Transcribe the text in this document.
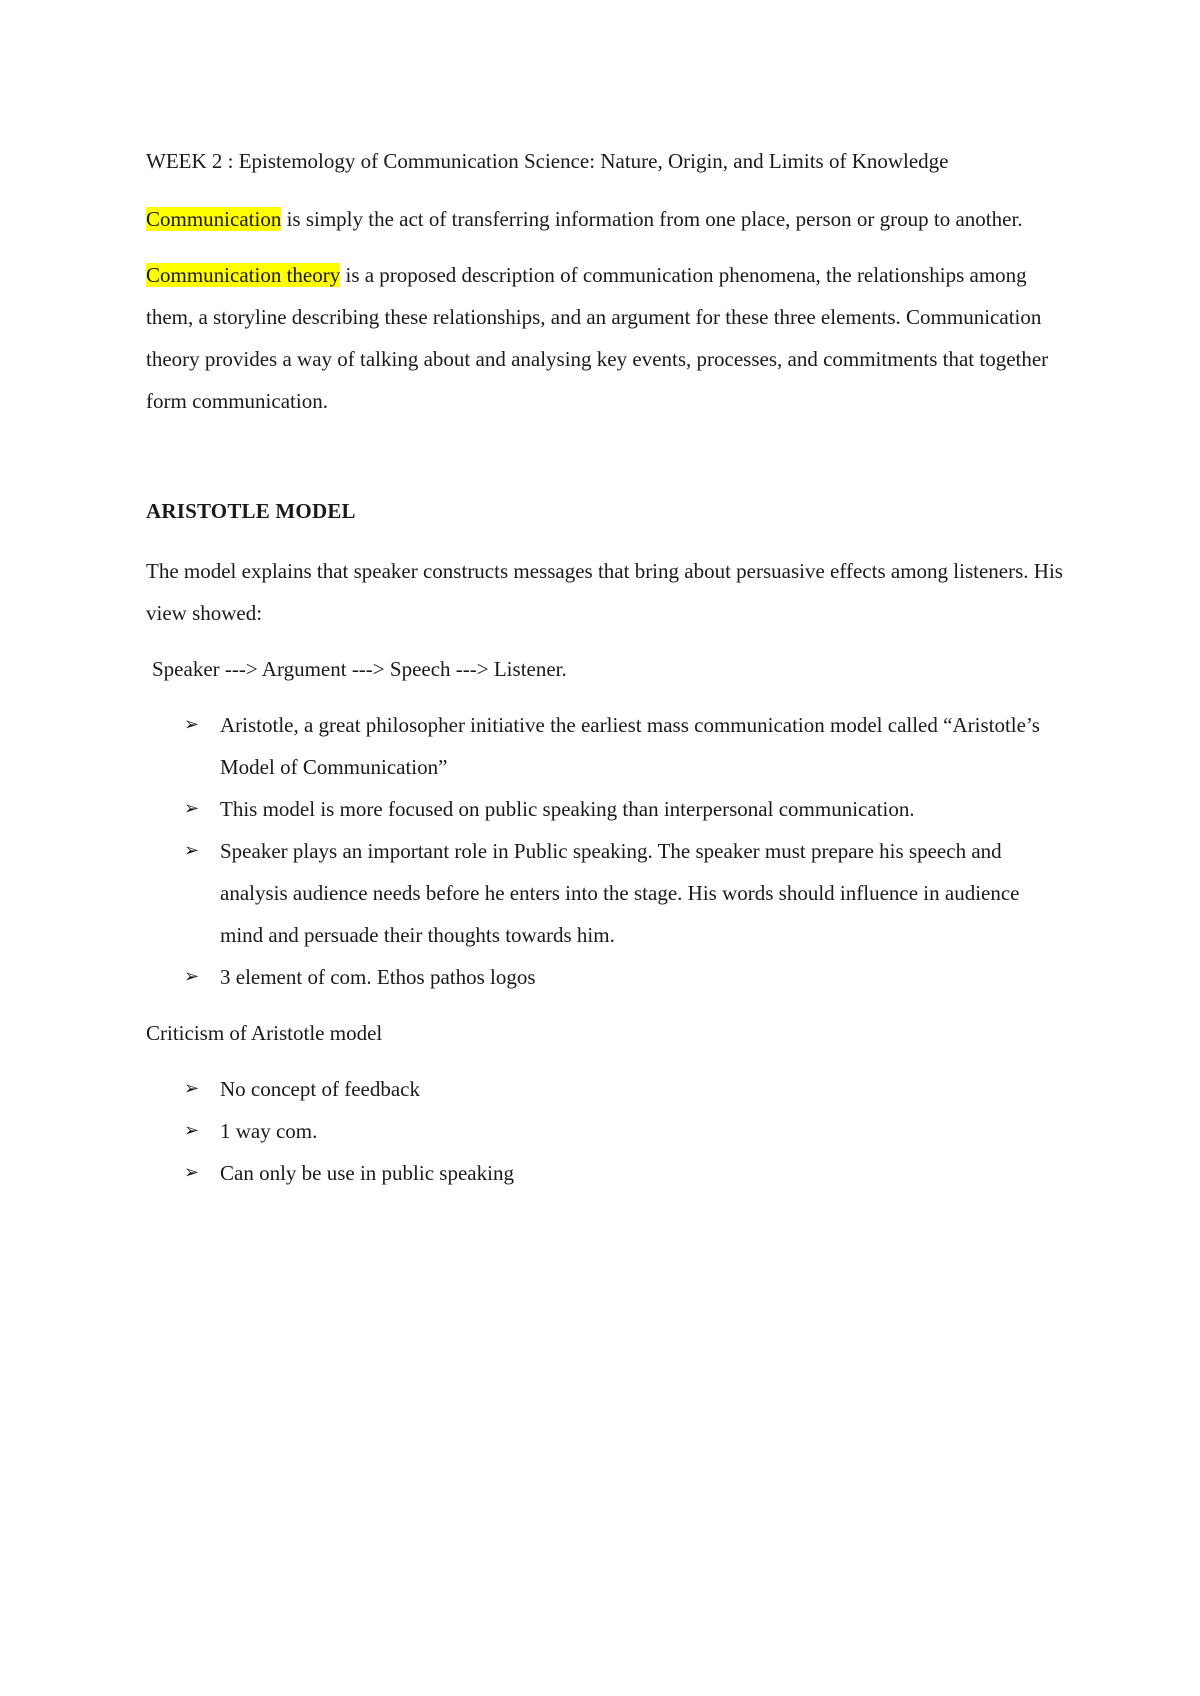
WEEK 2 : Epistemology of Communication Science: Nature, Origin, and Limits of Knowledge

Communication is simply the act of transferring information from one place, person or group to another.

Communication theory is a proposed description of communication phenomena, the relationships among them, a storyline describing these relationships, and an argument for these three elements. Communication theory provides a way of talking about and analysing key events, processes, and commitments that together form communication.

ARISTOTLE MODEL

The model explains that speaker constructs messages that bring about persuasive effects among listeners. His view showed:

Speaker ---> Argument ---> Speech ---> Listener.

➢ Aristotle, a great philosopher initiative the earliest mass communication model called “Aristotle’s Model of Communication”
➢ This model is more focused on public speaking than interpersonal communication.
➢ Speaker plays an important role in Public speaking. The speaker must prepare his speech and analysis audience needs before he enters into the stage. His words should influence in audience mind and persuade their thoughts towards him.
➢ 3 element of com. Ethos pathos logos

Criticism of Aristotle model

➢ No concept of feedback
➢ 1 way com.
➢ Can only be use in public speaking
